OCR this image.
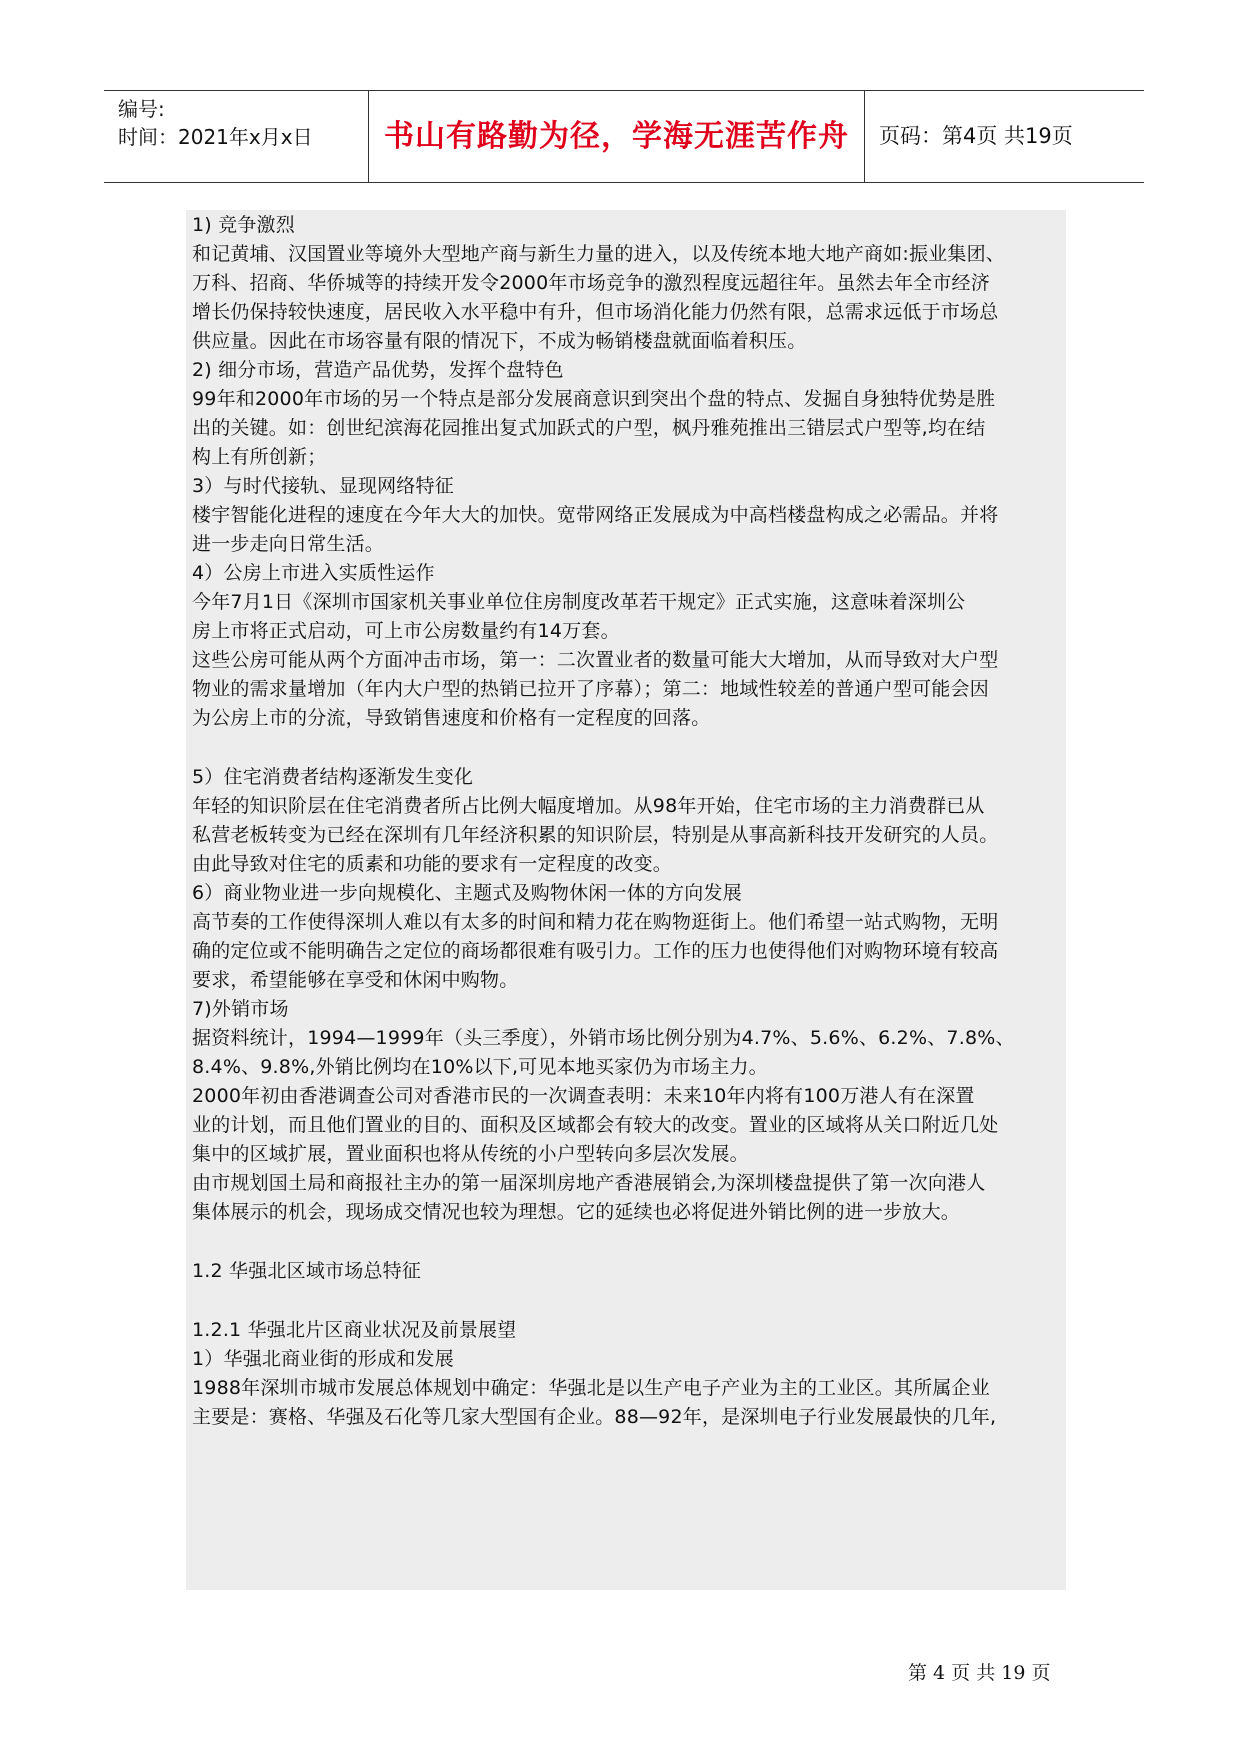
编号:
时间：2021年x月x日	书山有路勤为径，学海无涯苦作舟	页码：第4页 共19页
1) 竞争激烈
和记黄埔、汉国置业等境外大型地产商与新生力量的进入，以及传统本地大地产商如:振业集团、
万科、招商、华侨城等的持续开发令2000年市场竞争的激烈程度远超往年。虽然去年全市经济
增长仍保持较快速度，居民收入水平稳中有升，但市场消化能力仍然有限，总需求远低于市场总
供应量。因此在市场容量有限的情况下，不成为畅销楼盘就面临着积压。
2) 细分市场，营造产品优势，发挥个盘特色
99年和2000年市场的另一个特点是部分发展商意识到突出个盘的特点、发掘自身独特优势是胜
出的关键。如：创世纪滨海花园推出复式加跃式的户型，枫丹雅苑推出三错层式户型等,均在结
构上有所创新；
3）与时代接轨、显现网络特征
楼宇智能化进程的速度在今年大大的加快。宽带网络正发展成为中高档楼盘构成之必需品。并将
进一步走向日常生活。
4）公房上市进入实质性运作
今年7月1日《深圳市国家机关事业单位住房制度改革若干规定》正式实施，这意味着深圳公
房上市将正式启动，可上市公房数量约有14万套。
这些公房可能从两个方面冲击市场，第一：二次置业者的数量可能大大增加，从而导致对大户型
物业的需求量增加（年内大户型的热销已拉开了序幕）；第二：地域性较差的普通户型可能会因
为公房上市的分流，导致销售速度和价格有一定程度的回落。
5）住宅消费者结构逐渐发生变化
年轻的知识阶层在住宅消费者所占比例大幅度增加。从98年开始，住宅市场的主力消费群已从
私营老板转变为已经在深圳有几年经济积累的知识阶层，特别是从事高新科技开发研究的人员。
由此导致对住宅的质素和功能的要求有一定程度的改变。
6）商业物业进一步向规模化、主题式及购物休闲一体的方向发展
高节奏的工作使得深圳人难以有太多的时间和精力花在购物逛街上。他们希望一站式购物，无明
确的定位或不能明确告之定位的商场都很难有吸引力。工作的压力也使得他们对购物环境有较高
要求，希望能够在享受和休闲中购物。
7)外销市场
据资料统计，1994—1999年（头三季度），外销市场比例分别为4.7%、5.6%、6.2%、7.8%、
8.4%、9.8%,外销比例均在10%以下,可见本地买家仍为市场主力。
2000年初由香港调查公司对香港市民的一次调查表明：未来10年内将有100万港人有在深置
业的计划，而且他们置业的目的、面积及区域都会有较大的改变。置业的区域将从关口附近几处
集中的区域扩展，置业面积也将从传统的小户型转向多层次发展。
由市规划国土局和商报社主办的第一届深圳房地产香港展销会,为深圳楼盘提供了第一次向港人
集体展示的机会，现场成交情况也较为理想。它的延续也必将促进外销比例的进一步放大。
1.2 华强北区域市场总特征
1.2.1 华强北片区商业状况及前景展望
1）华强北商业街的形成和发展
1988年深圳市城市发展总体规划中确定：华强北是以生产电子产业为主的工业区。其所属企业
主要是：赛格、华强及石化等几家大型国有企业。88—92年，是深圳电子行业发展最快的几年,
第 4 页 共 19 页
